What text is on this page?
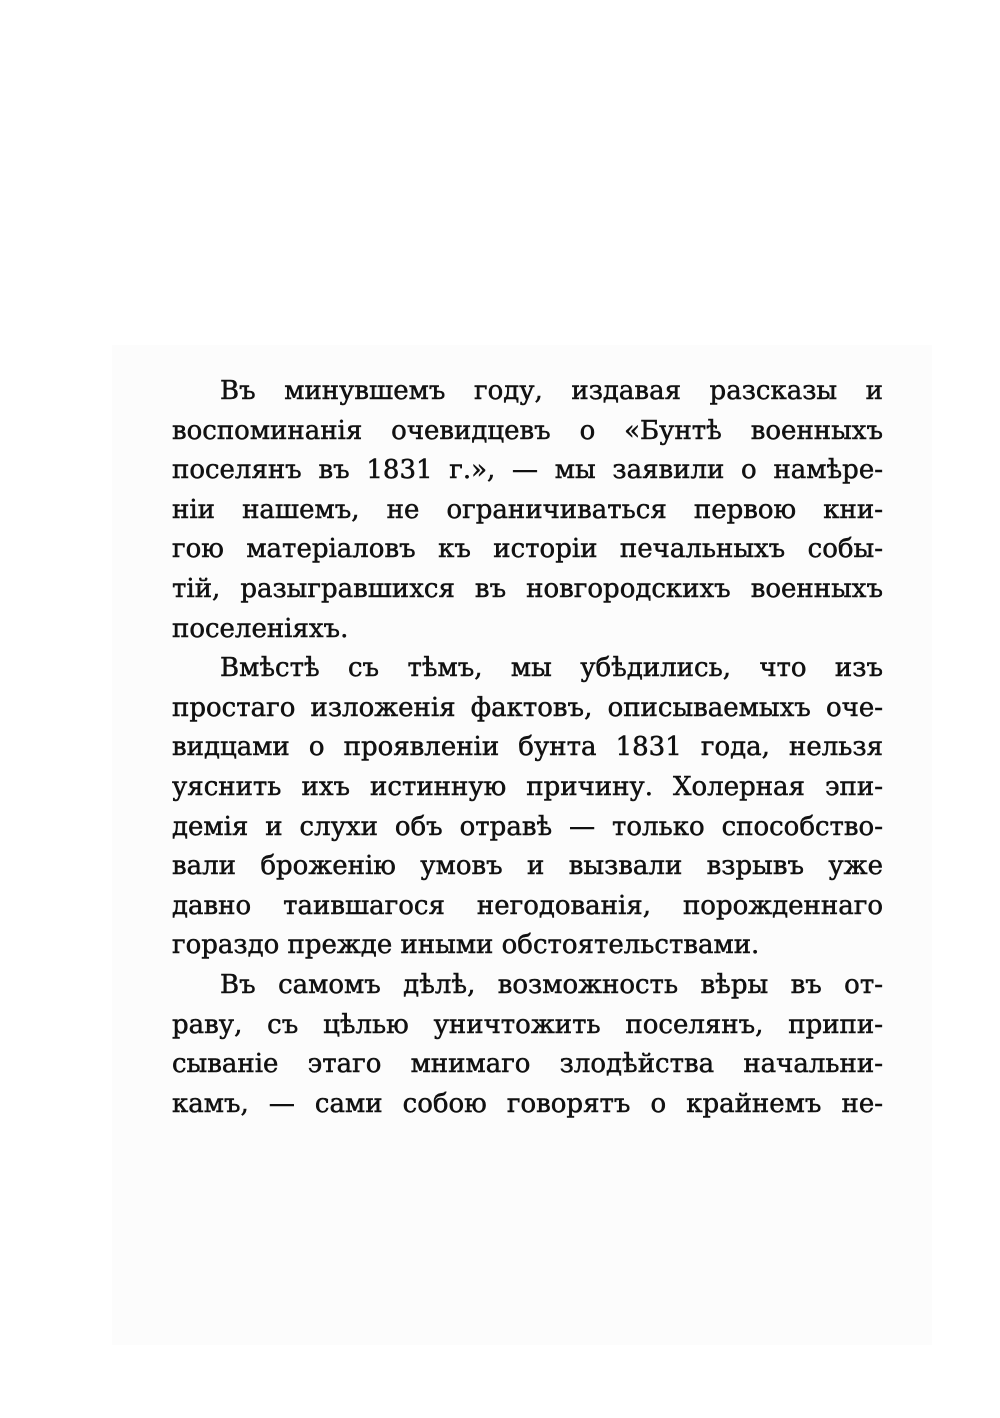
Въ минувшемъ году, издавая разсказы и
воспоминанія очевидцевъ о «Бунтѣ военныхъ
поселянъ въ 1831 г.», — мы заявили о намѣре-
ніи нашемъ, не ограничиваться первою кни-
гою матеріаловъ къ исторіи печальныхъ собы-
тій, разыгравшихся въ новгородскихъ военныхъ
поселеніяхъ.
Вмѣстѣ съ тѣмъ, мы убѣдились, что изъ
простаго изложенія фактовъ, описываемыхъ оче-
видцами о проявленіи бунта 1831 года, нельзя
уяснить ихъ истинную причину. Холерная эпи-
демія и слухи объ отравѣ — только способство-
вали броженію умовъ и вызвали взрывъ уже
давно таившагося негодованія, порожденнаго
гораздо прежде иными обстоятельствами.
Въ самомъ дѣлѣ, возможность вѣры въ от-
раву, съ цѣлью уничтожить поселянъ, припи-
сываніе этаго мнимаго злодѣйства начальни-
камъ, — сами собою говорятъ о крайнемъ не-
